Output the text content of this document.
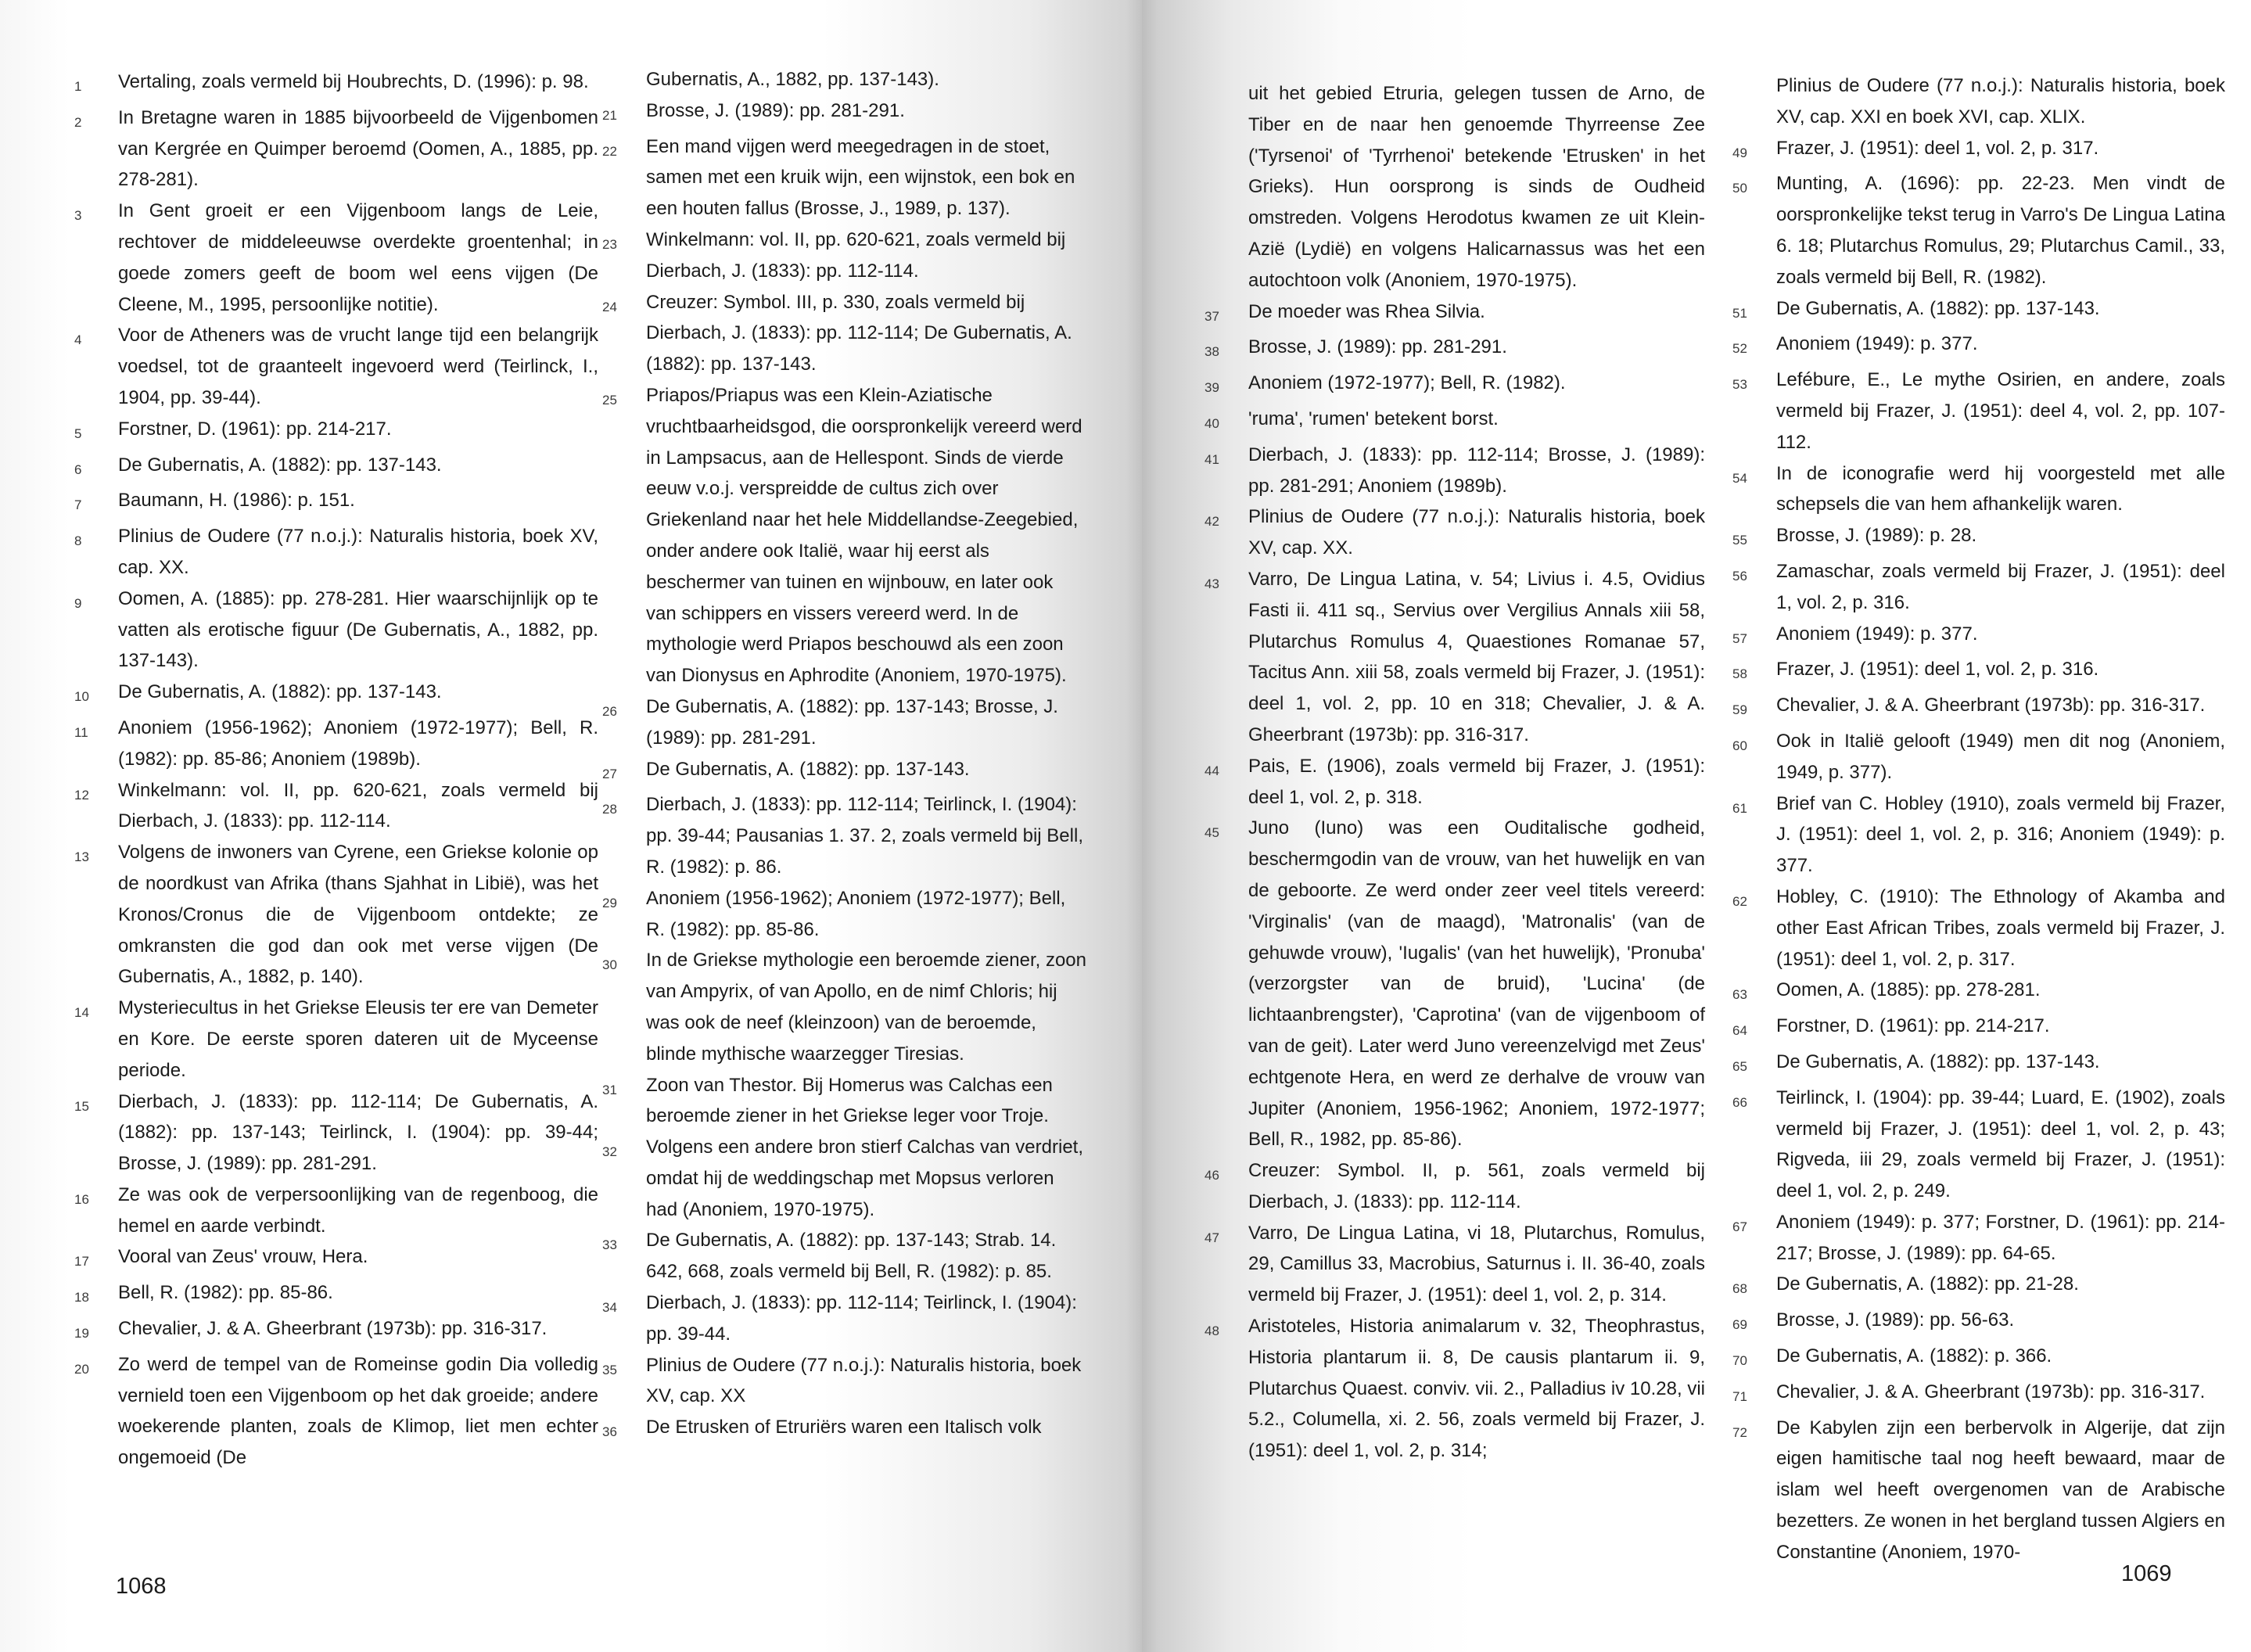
1	Vertaling, zoals vermeld bij Houbrechts, D. (1996): p. 98.
2	In Bretagne waren in 1885 bijvoorbeeld de Vijgenbomen van Kergrée en Quimper beroemd (Oomen, A., 1885, pp. 278-281).
3	In Gent groeit er een Vijgenboom langs de Leie, rechtover de middeleeuwse overdekte groentenhal; in goede zomers geeft de boom wel eens vijgen (De Cleene, M., 1995, persoonlijke notitie).
4	Voor de Atheners was de vrucht lange tijd een belangrijk voedsel, tot de graanteelt ingevoerd werd (Teirlinck, I., 1904, pp. 39-44).
5	Forstner, D. (1961): pp. 214-217.
6	De Gubernatis, A. (1882): pp. 137-143.
7	Baumann, H. (1986): p. 151.
8	Plinius de Oudere (77 n.o.j.): Naturalis historia, boek XV, cap. XX.
9	Oomen, A. (1885): pp. 278-281. Hier waarschijnlijk op te vatten als erotische figuur (De Gubernatis, A., 1882, pp. 137-143).
10	De Gubernatis, A. (1882): pp. 137-143.
11	Anoniem (1956-1962); Anoniem (1972-1977); Bell, R. (1982): pp. 85-86; Anoniem (1989b).
12	Winkelmann: vol. II, pp. 620-621, zoals vermeld bij Dierbach, J. (1833): pp. 112-114.
13	Volgens de inwoners van Cyrene, een Griekse kolonie op de noordkust van Afrika (thans Sjahhat in Libië), was het Kronos/Cronus die de Vijgenboom ontdekte; ze omkransten die god dan ook met verse vijgen (De Gubernatis, A., 1882, p. 140).
14	Mysteriecultus in het Griekse Eleusis ter ere van Demeter en Kore. De eerste sporen dateren uit de Myceense periode.
15	Dierbach, J. (1833): pp. 112-114; De Gubernatis, A. (1882): pp. 137-143; Teirlinck, I. (1904): pp. 39-44; Brosse, J. (1989): pp. 281-291.
16	Ze was ook de verpersoonlijking van de regenboog, die hemel en aarde verbindt.
17	Vooral van Zeus' vrouw, Hera.
18	Bell, R. (1982): pp. 85-86.
19	Chevalier, J. & A. Gheerbrant (1973b): pp. 316-317.
20	Zo werd de tempel van de Romeinse godin Dia volledig vernield toen een Vijgenboom op het dak groeide; andere woekerende planten, zoals de Klimop, liet men echter ongemoeid (De
Gubernatis, A., 1882, pp. 137-143).
21	Brosse, J. (1989): pp. 281-291.
22	Een mand vijgen werd meegedragen in de stoet, samen met een kruik wijn, een wijnstok, een bok en een houten fallus (Brosse, J., 1989, p. 137).
23	Winkelmann: vol. II, pp. 620-621, zoals vermeld bij Dierbach, J. (1833): pp. 112-114.
24	Creuzer: Symbol. III, p. 330, zoals vermeld bij Dierbach, J. (1833): pp. 112-114; De Gubernatis, A. (1882): pp. 137-143.
25	Priapos/Priapus was een Klein-Aziatische vruchtbaarheidsgod, die oorspronkelijk vereerd werd in Lampsacus, aan de Hellespont. Sinds de vierde eeuw v.o.j. verspreidde de cultus zich over Griekenland naar het hele Middellandse-Zeegebied, onder andere ook Italië, waar hij eerst als beschermer van tuinen en wijnbouw, en later ook van schippers en vissers vereerd werd. In de mythologie werd Priapos beschouwd als een zoon van Dionysus en Aphrodite (Anoniem, 1970-1975).
26	De Gubernatis, A. (1882): pp. 137-143; Brosse, J. (1989): pp. 281-291.
27	De Gubernatis, A. (1882): pp. 137-143.
28	Dierbach, J. (1833): pp. 112-114; Teirlinck, I. (1904): pp. 39-44; Pausanias 1. 37. 2, zoals vermeld bij Bell, R. (1982): p. 86.
29	Anoniem (1956-1962); Anoniem (1972-1977); Bell, R. (1982): pp. 85-86.
30	In de Griekse mythologie een beroemde ziener, zoon van Ampyrix, of van Apollo, en de nimf Chloris; hij was ook de neef (kleinzoon) van de beroemde, blinde mythische waarzegger Tiresias.
31	Zoon van Thestor. Bij Homerus was Calchas een beroemde ziener in het Griekse leger voor Troje.
32	Volgens een andere bron stierf Calchas van verdriet, omdat hij de weddingschap met Mopsus verloren had (Anoniem, 1970-1975).
33	De Gubernatis, A. (1882): pp. 137-143; Strab. 14. 642, 668, zoals vermeld bij Bell, R. (1982): p. 85.
34	Dierbach, J. (1833): pp. 112-114; Teirlinck, I. (1904): pp. 39-44.
35	Plinius de Oudere (77 n.o.j.): Naturalis historia, boek XV, cap. XX
36	De Etrusken of Etruriërs waren een Italisch volk
1068
uit het gebied Etruria, gelegen tussen de Arno, de Tiber en de naar hen genoemde Thyrreense Zee ('Tyrsenoi' of 'Tyrrhenoi' betekende 'Etrusken' in het Grieks). Hun oorsprong is sinds de Oudheid omstreden. Volgens Herodotus kwamen ze uit Klein-Azië (Lydië) en volgens Halicarnassus was het een autochtoon volk (Anoniem, 1970-1975).
37	De moeder was Rhea Silvia.
38	Brosse, J. (1989): pp. 281-291.
39	Anoniem (1972-1977); Bell, R. (1982).
40	'ruma', 'rumen' betekent borst.
41	Dierbach, J. (1833): pp. 112-114; Brosse, J. (1989): pp. 281-291; Anoniem (1989b).
42	Plinius de Oudere (77 n.o.j.): Naturalis historia, boek XV, cap. XX.
43	Varro, De Lingua Latina, v. 54; Livius i. 4.5, Ovidius Fasti ii. 411 sq., Servius over Vergilius Annals xiii 58, Plutarchus Romulus 4, Quaestiones Romanae 57, Tacitus Ann. xiii 58, zoals vermeld bij Frazer, J. (1951): deel 1, vol. 2, pp. 10 en 318; Chevalier, J. & A. Gheerbrant (1973b): pp. 316-317.
44	Pais, E. (1906), zoals vermeld bij Frazer, J. (1951): deel 1, vol. 2, p. 318.
45	Juno (Iuno) was een Ouditalische godheid, beschermgodin van de vrouw, van het huwelijk en van de geboorte. Ze werd onder zeer veel titels vereerd: 'Virginalis' (van de maagd), 'Matronalis' (van de gehuwde vrouw), 'Iugalis' (van het huwelijk), 'Pronuba' (verzorgster van de bruid), 'Lucina' (de lichtaanbrengster), 'Caprotina' (van de vijgenboom of van de geit). Later werd Juno vereenzelvigd met Zeus' echtgenote Hera, en werd ze derhalve de vrouw van Jupiter (Anoniem, 1956-1962; Anoniem, 1972-1977; Bell, R., 1982, pp. 85-86).
46	Creuzer: Symbol. II, p. 561, zoals vermeld bij Dierbach, J. (1833): pp. 112-114.
47	Varro, De Lingua Latina, vi 18, Plutarchus, Romulus, 29, Camillus 33, Macrobius, Saturnus i. II. 36-40, zoals vermeld bij Frazer, J. (1951): deel 1, vol. 2, p. 314.
48	Aristoteles, Historia animalarum v. 32, Theophrastus, Historia plantarum ii. 8, De causis plantarum ii. 9, Plutarchus Quaest. conviv. vii. 2., Palladius iv 10.28, vii 5.2., Columella, xi. 2. 56, zoals vermeld bij Frazer, J. (1951): deel 1, vol. 2, p. 314;
Plinius de Oudere (77 n.o.j.): Naturalis historia, boek XV, cap. XXI en boek XVI, cap. XLIX.
49	Frazer, J. (1951): deel 1, vol. 2, p. 317.
50	Munting, A. (1696): pp. 22-23. Men vindt de oorspronkelijke tekst terug in Varro's De Lingua Latina 6. 18; Plutarchus Romulus, 29; Plutarchus Camil., 33, zoals vermeld bij Bell, R. (1982).
51	De Gubernatis, A. (1882): pp. 137-143.
52	Anoniem (1949): p. 377.
53	Lefébure, E., Le mythe Osirien, en andere, zoals vermeld bij Frazer, J. (1951): deel 4, vol. 2, pp. 107-112.
54	In de iconografie werd hij voorgesteld met alle schepsels die van hem afhankelijk waren.
55	Brosse, J. (1989): p. 28.
56	Zamaschar, zoals vermeld bij Frazer, J. (1951): deel 1, vol. 2, p. 316.
57	Anoniem (1949): p. 377.
58	Frazer, J. (1951): deel 1, vol. 2, p. 316.
59	Chevalier, J. & A. Gheerbrant (1973b): pp. 316-317.
60	Ook in Italië gelooft (1949) men dit nog (Anoniem, 1949, p. 377).
61	Brief van C. Hobley (1910), zoals vermeld bij Frazer, J. (1951): deel 1, vol. 2, p. 316; Anoniem (1949): p. 377.
62	Hobley, C. (1910): The Ethnology of Akamba and other East African Tribes, zoals vermeld bij Frazer, J. (1951): deel 1, vol. 2, p. 317.
63	Oomen, A. (1885): pp. 278-281.
64	Forstner, D. (1961): pp. 214-217.
65	De Gubernatis, A. (1882): pp. 137-143.
66	Teirlinck, I. (1904): pp. 39-44; Luard, E. (1902), zoals vermeld bij Frazer, J. (1951): deel 1, vol. 2, p. 43; Rigveda, iii 29, zoals vermeld bij Frazer, J. (1951): deel 1, vol. 2, p. 249.
67	Anoniem (1949): p. 377; Forstner, D. (1961): pp. 214-217; Brosse, J. (1989): pp. 64-65.
68	De Gubernatis, A. (1882): pp. 21-28.
69	Brosse, J. (1989): pp. 56-63.
70	De Gubernatis, A. (1882): p. 366.
71	Chevalier, J. & A. Gheerbrant (1973b): pp. 316-317.
72	De Kabylen zijn een berbervolk in Algerije, dat zijn eigen hamitische taal nog heeft bewaard, maar de islam wel heeft overgenomen van de Arabische bezetters. Ze wonen in het bergland tussen Algiers en Constantine (Anoniem, 1970-
1069
